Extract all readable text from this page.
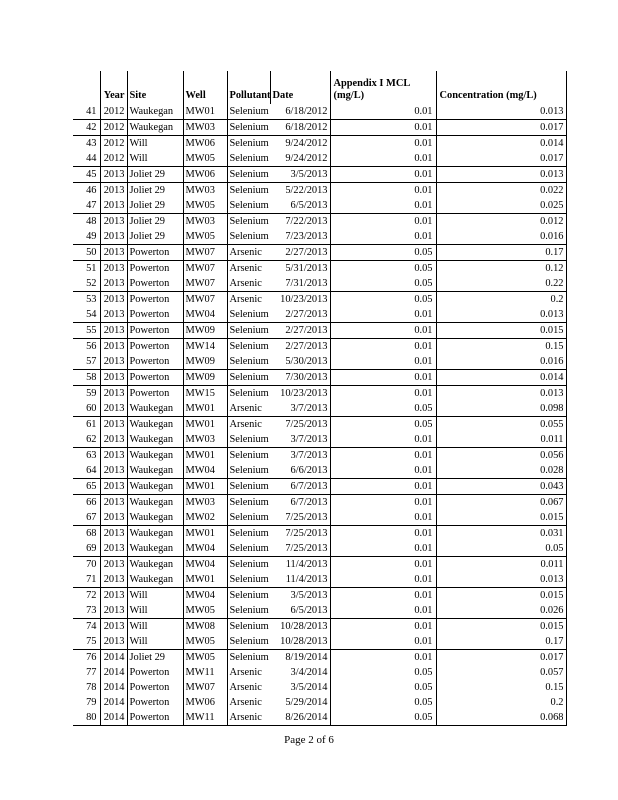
	Year	Site	Well	Pollutant	Date	Appendix I MCL (mg/L)	Concentration (mg/L)
41	2012	Waukegan	MW01	Selenium	6/18/2012	0.01	0.013
42	2012	Waukegan	MW03	Selenium	6/18/2012	0.01	0.017
43	2012	Will	MW06	Selenium	9/24/2012	0.01	0.014
44	2012	Will	MW05	Selenium	9/24/2012	0.01	0.017
45	2013	Joliet 29	MW06	Selenium	3/5/2013	0.01	0.013
46	2013	Joliet 29	MW03	Selenium	5/22/2013	0.01	0.022
47	2013	Joliet 29	MW05	Selenium	6/5/2013	0.01	0.025
48	2013	Joliet 29	MW03	Selenium	7/22/2013	0.01	0.012
49	2013	Joliet 29	MW05	Selenium	7/23/2013	0.01	0.016
50	2013	Powerton	MW07	Arsenic	2/27/2013	0.05	0.17
51	2013	Powerton	MW07	Arsenic	5/31/2013	0.05	0.12
52	2013	Powerton	MW07	Arsenic	7/31/2013	0.05	0.22
53	2013	Powerton	MW07	Arsenic	10/23/2013	0.05	0.2
54	2013	Powerton	MW04	Selenium	2/27/2013	0.01	0.013
55	2013	Powerton	MW09	Selenium	2/27/2013	0.01	0.015
56	2013	Powerton	MW14	Selenium	2/27/2013	0.01	0.15
57	2013	Powerton	MW09	Selenium	5/30/2013	0.01	0.016
58	2013	Powerton	MW09	Selenium	7/30/2013	0.01	0.014
59	2013	Powerton	MW15	Selenium	10/23/2013	0.01	0.013
60	2013	Waukegan	MW01	Arsenic	3/7/2013	0.05	0.098
61	2013	Waukegan	MW01	Arsenic	7/25/2013	0.05	0.055
62	2013	Waukegan	MW03	Selenium	3/7/2013	0.01	0.011
63	2013	Waukegan	MW01	Selenium	3/7/2013	0.01	0.056
64	2013	Waukegan	MW04	Selenium	6/6/2013	0.01	0.028
65	2013	Waukegan	MW01	Selenium	6/7/2013	0.01	0.043
66	2013	Waukegan	MW03	Selenium	6/7/2013	0.01	0.067
67	2013	Waukegan	MW02	Selenium	7/25/2013	0.01	0.015
68	2013	Waukegan	MW01	Selenium	7/25/2013	0.01	0.031
69	2013	Waukegan	MW04	Selenium	7/25/2013	0.01	0.05
70	2013	Waukegan	MW04	Selenium	11/4/2013	0.01	0.011
71	2013	Waukegan	MW01	Selenium	11/4/2013	0.01	0.013
72	2013	Will	MW04	Selenium	3/5/2013	0.01	0.015
73	2013	Will	MW05	Selenium	6/5/2013	0.01	0.026
74	2013	Will	MW08	Selenium	10/28/2013	0.01	0.015
75	2013	Will	MW05	Selenium	10/28/2013	0.01	0.17
76	2014	Joliet 29	MW05	Selenium	8/19/2014	0.01	0.017
77	2014	Powerton	MW11	Arsenic	3/4/2014	0.05	0.057
78	2014	Powerton	MW07	Arsenic	3/5/2014	0.05	0.15
79	2014	Powerton	MW06	Arsenic	5/29/2014	0.05	0.2
80	2014	Powerton	MW11	Arsenic	8/26/2014	0.05	0.068
Page 2 of 6
